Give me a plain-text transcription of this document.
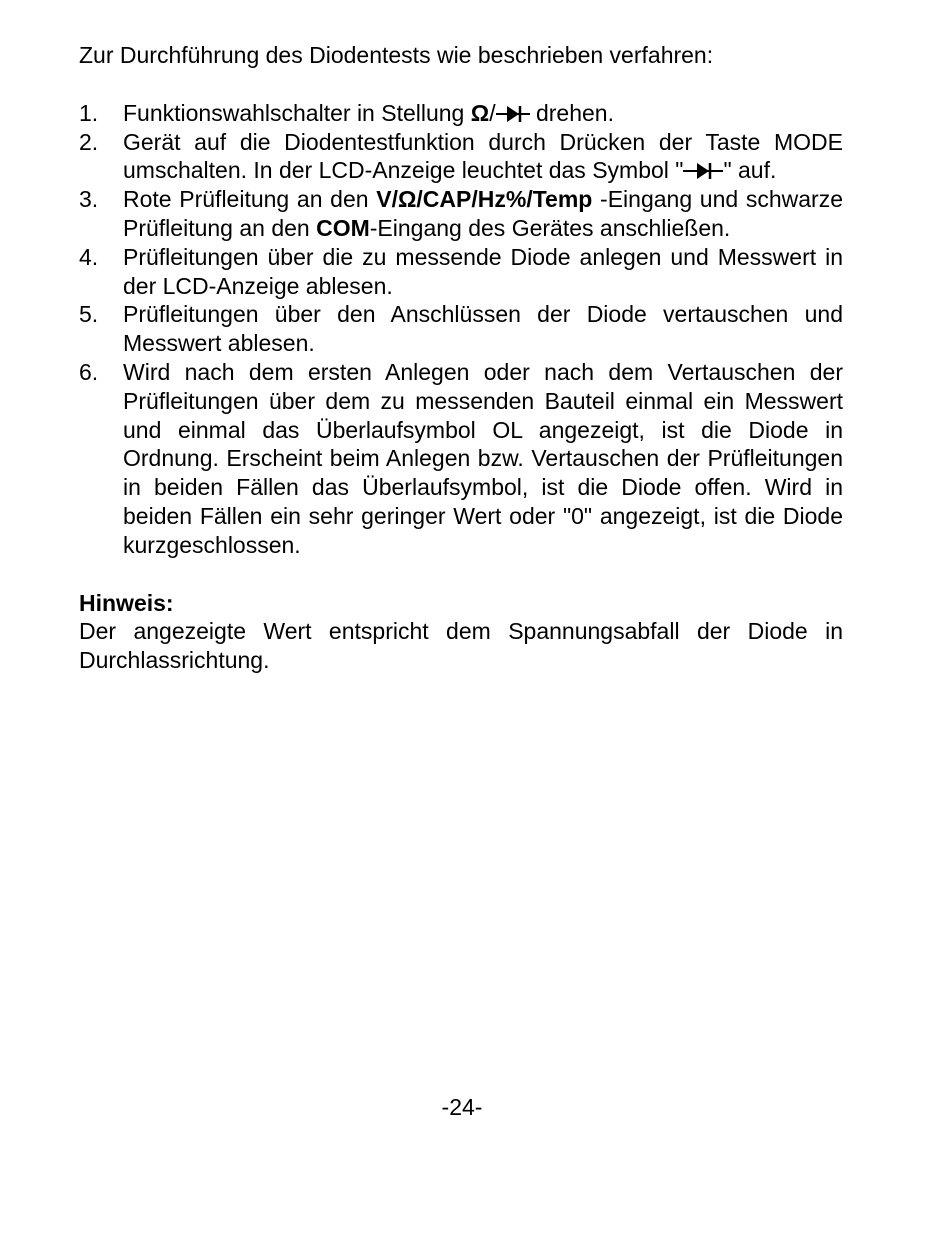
Zur Durchführung des Diodentests wie beschrieben verfahren:

1.	Funktionswahlschalter in Stellung Ω/ drehen.
2.	Gerät auf die Diodentestfunktion durch Drücken der Taste MODE umschalten. In der LCD-Anzeige leuchtet das Symbol " " auf.
3.	Rote Prüfleitung an den V/Ω/CAP/Hz%/Temp -Eingang und schwarze Prüfleitung an den COM-Eingang des Gerätes anschließen.
4.	Prüfleitungen über die zu messende Diode anlegen und Messwert in der LCD-Anzeige ablesen.
5.	Prüfleitungen über den Anschlüssen der Diode vertauschen und Messwert ablesen.
6.	Wird nach dem ersten Anlegen oder nach dem Vertauschen der Prüfleitungen über dem zu messenden Bauteil einmal ein Messwert und einmal das Überlaufsymbol OL angezeigt, ist die Diode in Ordnung. Erscheint beim Anlegen bzw. Vertauschen der Prüfleitungen in beiden Fällen das Überlaufsymbol, ist die Diode offen. Wird in beiden Fällen ein sehr geringer Wert oder "0" angezeigt, ist die Diode kurzgeschlossen.

Hinweis:

Der angezeigte Wert entspricht dem Spannungsabfall der Diode in Durchlassrichtung.

-24-
